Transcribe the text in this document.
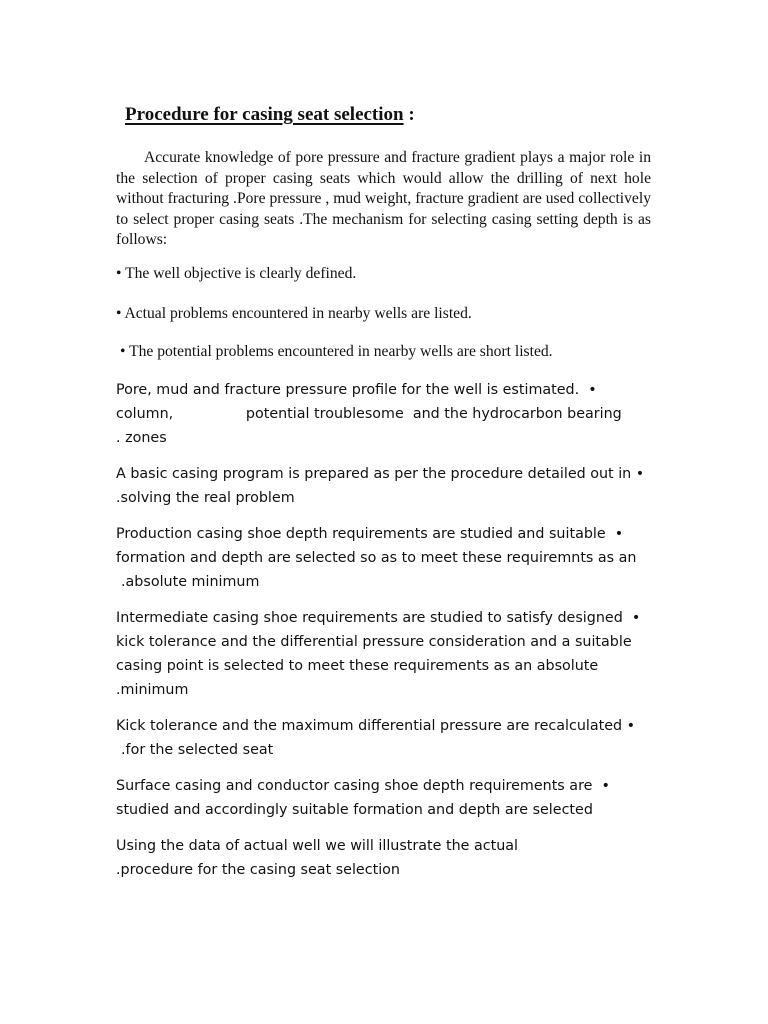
Procedure for casing seat selection :

Accurate knowledge of pore pressure and fracture gradient plays a major role in the selection of proper casing seats which would allow the drilling of next hole without fracturing .Pore pressure , mud weight, fracture gradient are used collectively to select proper casing seats .The mechanism for selecting casing setting depth is as follows:

• The well objective is clearly defined.

• Actual problems encountered in nearby wells are listed.

• The potential problems encountered in nearby wells are short listed.

Pore, mud and fracture pressure profile for the well is estimated.  •
column,                potential troublesome  and the hydrocarbon bearing
. zones
A basic casing program is prepared as per the procedure detailed out in •
.solving the real problem
Production casing shoe depth requirements are studied and suitable  •
formation and depth are selected so as to meet these requiremnts as an
.absolute minimum
Intermediate casing shoe requirements are studied to satisfy designed  •
kick tolerance and the differential pressure consideration and a suitable
casing point is selected to meet these requirements as an absolute
.minimum
Kick tolerance and the maximum differential pressure are recalculated •
.for the selected seat
Surface casing and conductor casing shoe depth requirements are  •
studied and accordingly suitable formation and depth are selected
Using the data of actual well we will illustrate the actual
.procedure for the casing seat selection
